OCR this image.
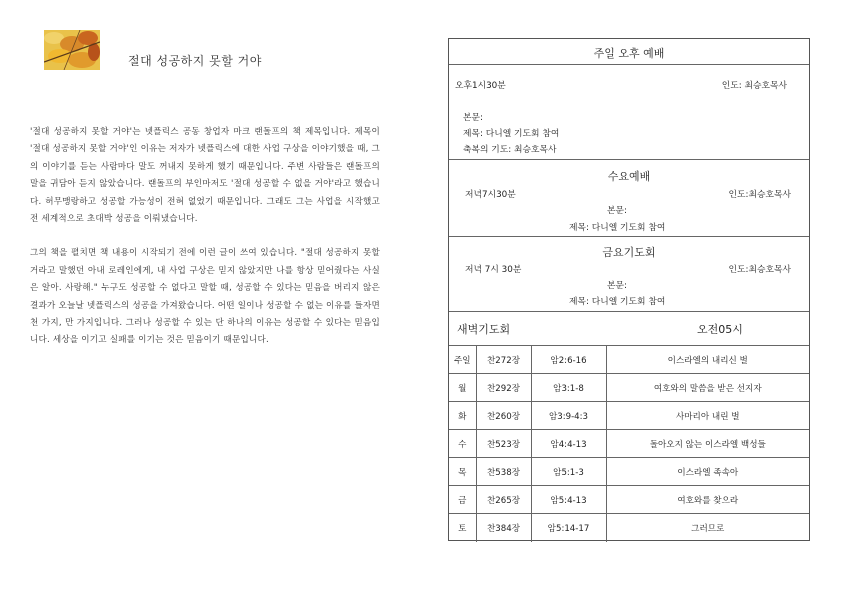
절대 성공하지 못할 거야

'절대 성공하지 못할 거야'는 넷플릭스 공동 창업자 마크 랜돌프의 책 제목입니다. 제목이 '절대 성공하지 못할 거야'인 이유는 저자가 넷플릭스에 대한 사업 구상을 이야기했을 때, 그의 이야기를 듣는 사람마다 말도 꺼내지 못하게 했기 때문입니다. 주변 사람들은 랜돌프의 말을 귀담아 듣지 않았습니다. 랜돌프의 부인마저도 '절대 성공할 수 없을 거야'라고 했습니다. 허무맹랑하고 성공할 가능성이 전혀 없었기 때문입니다. 그래도 그는 사업을 시작했고 전 세계적으로 초대박 성공을 이뤄냈습니다.

그의 책을 펼치면 책 내용이 시작되기 전에 이런 글이 쓰여 있습니다. "절대 성공하지 못할 거라고 말했던 아내 로레인에게, 내 사업 구상은 믿지 않았지만 나를 항상 믿어줬다는 사실은 알아. 사랑해." 누구도 성공할 수 없다고 말할 때, 성공할 수 있다는 믿음을 버리지 않은 결과가 오늘날 넷플릭스의 성공을 가져왔습니다. 어떤 일이나 성공할 수 없는 이유를 들자면 천 가지, 만 가지입니다. 그러나 성공할 수 있는 단 하나의 이유는 성공할 수 있다는 믿음입니다. 세상을 이기고 실패를 이기는 것은 믿음이기 때문입니다.

주일 오후 예배
오후1시30분	인도: 최승호목사
본문:
제목: 다니엘 기도회 참여
축복의 기도: 최승호목사
수요예배
저녁7시30분	인도:최승호목사
본문:
제목: 다니엘 기도회 참여
금요기도회
저녁 7시 30분	인도:최승호목사
본문:
제목: 다니엘 기도회 참여
새벽기도회	오전05시
주일	찬272장	암2:6-16	이스라엘의 내리신 벌
월	찬292장	암3:1-8	여호와의 말씀을 받은 선지자
화	찬260장	암3:9-4:3	사마리아 내린 벌
수	찬523장	암4:4-13	돌아오지 않는 이스라엘 백성들
목	찬538장	암5:1-3	이스라엘 족속아
금	찬265장	암5:4-13	여호와를 찾으라
토	찬384장	암5:14-17	그러므로
